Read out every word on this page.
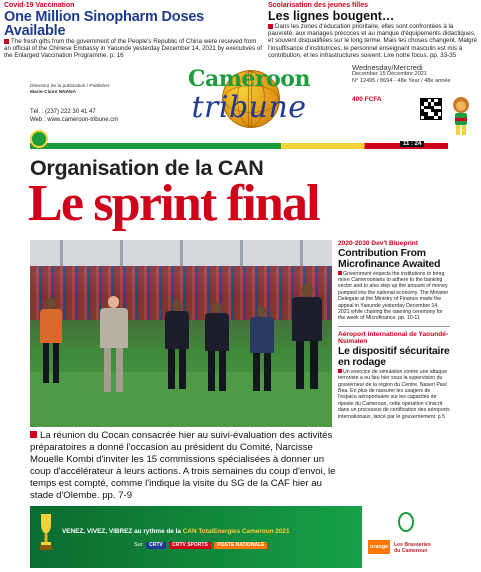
Covid-19 Vaccination
One Million Sinopharm Doses Available
The fresh gifts from the government of the People's Republic of China were received from an official of the Chinese Embassy in Yaounde yesterday December 14, 2021 by executives of the Enlarged Vaccination Programme. p. 16
Scolarisation des jeunes filles
Les lignes bougent…
Dans les zones d'éducation prioritaire, elles sont confrontées à la pauvreté, aux mariages précoces et au manque d'équipements didactiques, et souvent disqualifiées sur le long terme. Mais les choses changent. Malgré l'insuffisance d'institutrices, le personnel enseignant masculin est mis à contribution, et les infrastructures suivent. Lire notre focus. pp. 33-35
Directeur de la publication / Publisher:
Marie-Claire NNANA
Tél. : (237) 222 30 41 47
Web : www.cameroon-tribune.cm
Cameroon
tribune
Wednesday/Mercredi
December 15 Décembre 2021
N° 12495 / 8694 - 48e Year / 48e année
400 FCFA
11 : 24
Organisation de la CAN
Le sprint final
La réunion du Cocan consacrée hier au suivi-évaluation des activités préparatoires a donné l'occasion au président du Comité, Narcisse Mouelle Kombi d'inviter les 15 commissions spécialisées à donner un coup d'accélérateur à leurs actions. A trois semaines du coup d'envoi, le temps est compté, comme l'indique la visite du SG de la CAF hier au stade d'Olembe. pp. 7-9
2020-2030 Dev't Blueprint
Contribution From Microfinance Awaited
Government expects the institutions to bring more Cameroonians to adhere to the banking sector and to also step up the amount of money pumped into the national economy. The Minister Delegate at the Ministry of Finance made the appeal in Yaounde yesterday December 14, 2021 while chairing the opening ceremony for the week of Microfinance. pp. 10-11
Aéroport international de Yaoundé-Nsimalen
Le dispositif sécuritaire en rodage
Un exercice de simulation contre une attaque terroriste a eu lieu hier sous la supervision du gouverneur de la région du Centre, Naseri Paul Bea. En plus de rassurer les usagers de l'espace aéroportuaire sur les capacités de riposte du Cameroun, cette opération s'inscrit dans un processus de certification des aéroports internationaux, lancé par le gouvernement. p.5
VENEZ, VIVEZ, VIBREZ au rythme de la CAN TotalEnergies Cameroun 2021
Sur CRTV CRTV SPORTS POSTE NATIONALE	orange	Les Brasseries
du Cameroun
